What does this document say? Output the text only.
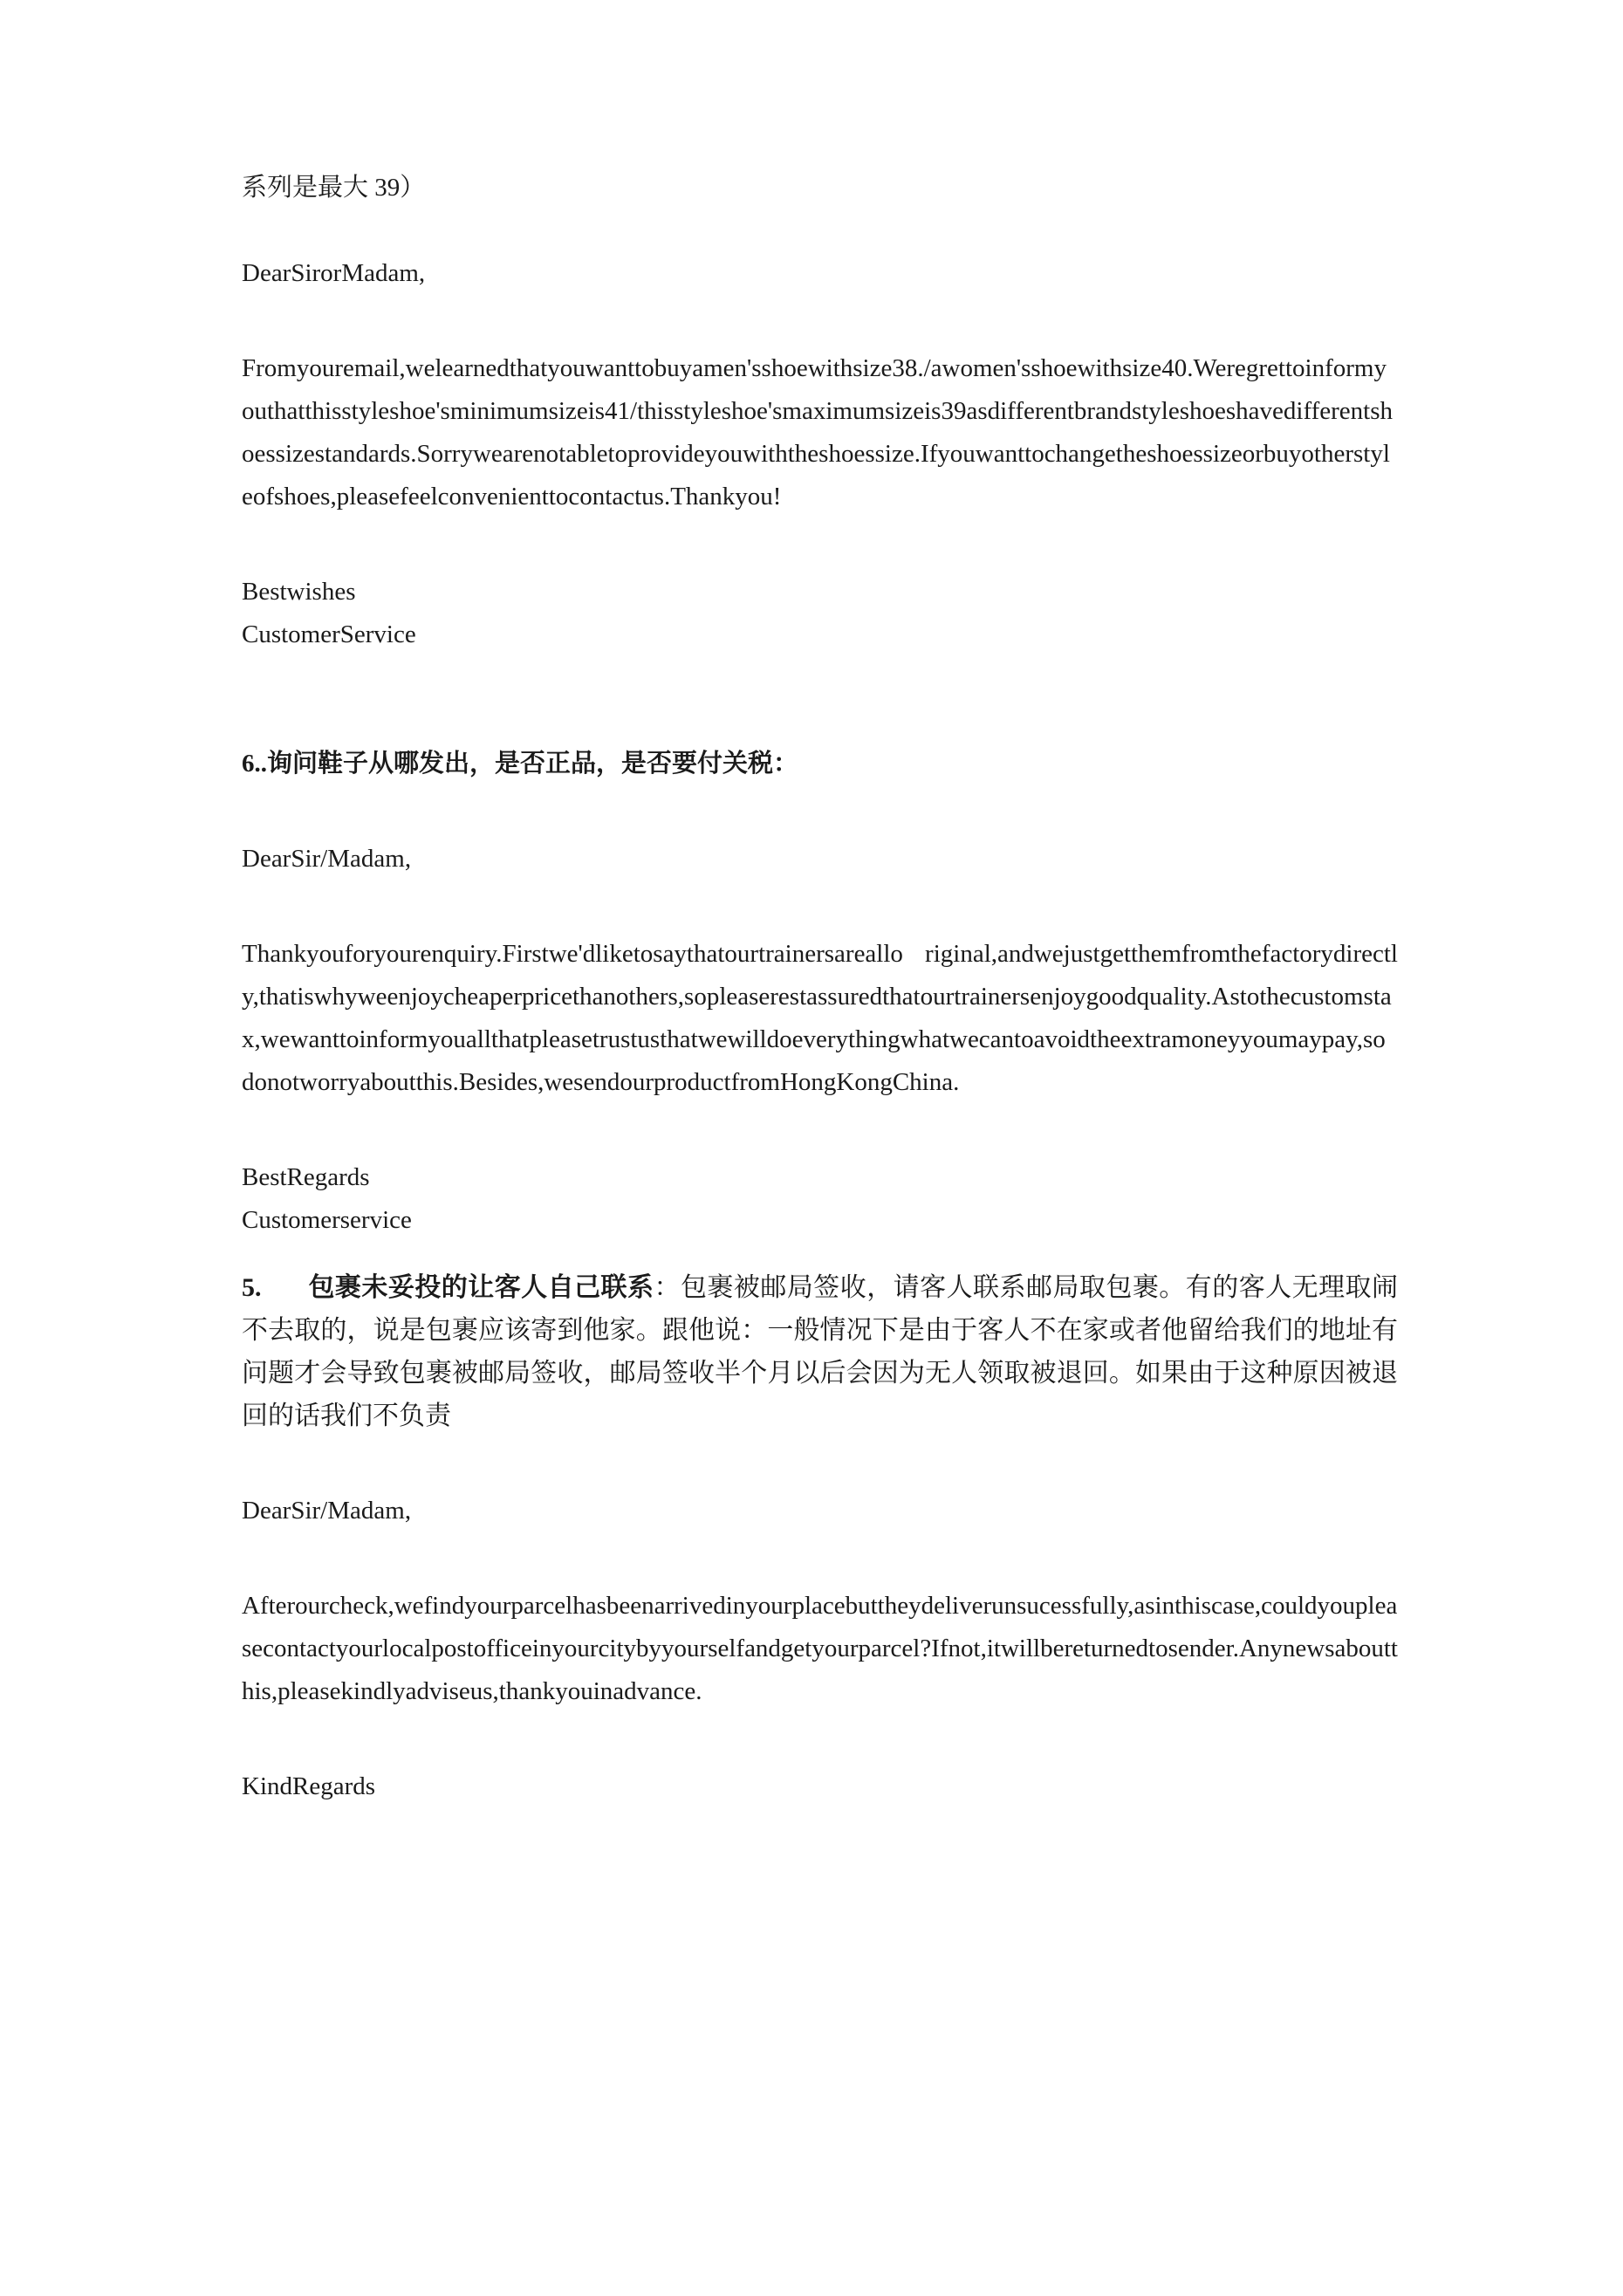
系列是最大 39）

DearSirorMadam,

Fromyouremail,welearnedthatyouwanttobuyamen'sshoewithsize38./awomen'sshoewithsize40.Weregrettoinformyouthatthisstyleshoe'sminimumsizeis41/thisstyleshoe'smaximumsizeis39asdifferentbrandstyleshoeshavedifferentshoessizestandards.Sorrywearenotabletoprovideyouwiththeshoessize.Ifyouwanttochangetheshoessizeorbuyotherstyleofshoes,pleasefeelconvenienttocontactus.Thankyou!

Bestwishes

CustomerService

6..询问鞋子从哪发出，是否正品，是否要付关税：

DearSir/Madam,

Thankyouforyourenquiry.Firstwe'dliketosaythatourtrainersareallo riginal,andwejustgetthemfromthefactorydirectly,thatiswhyweenjoycheaperpricethanothers,sopleaserestassuredthatourtrainersenjoygoodquality.Astothecustomstax,wewanttoinformyouallthatpleasetrustusthatwewilldoeverythingwhatwecantoavoidtheextramoneyyoumaypay,sodonotworryaboutthis.Besides,wesendourproductfromHongKongChina.

BestRegards

Customerservice

5. 包裹未妥投的让客人自己联系：包裹被邮局签收，请客人联系邮局取包裹。有的客人无理取闹不去取的，说是包裹应该寄到他家。跟他说：一般情况下是由于客人不在家或者他留给我们的地址有问题才会导致包裹被邮局签收，邮局签收半个月以后会因为无人领取被退回。如果由于这种原因被退回的话我们不负责

DearSir/Madam,

Afterourcheck,wefindyourparcelhasbeenarrivedinyourplacebuttheydeliverunsucessfully,asinthiscase,couldyoupleasecontactyourlocalpostofficeinyourcitybyyourselfandgetyourparcel?Ifnot,itwillbereturnedtosender.Anynewsaboutthis,pleasekindlyadviseus,thankyouinadvance.

KindRegards
